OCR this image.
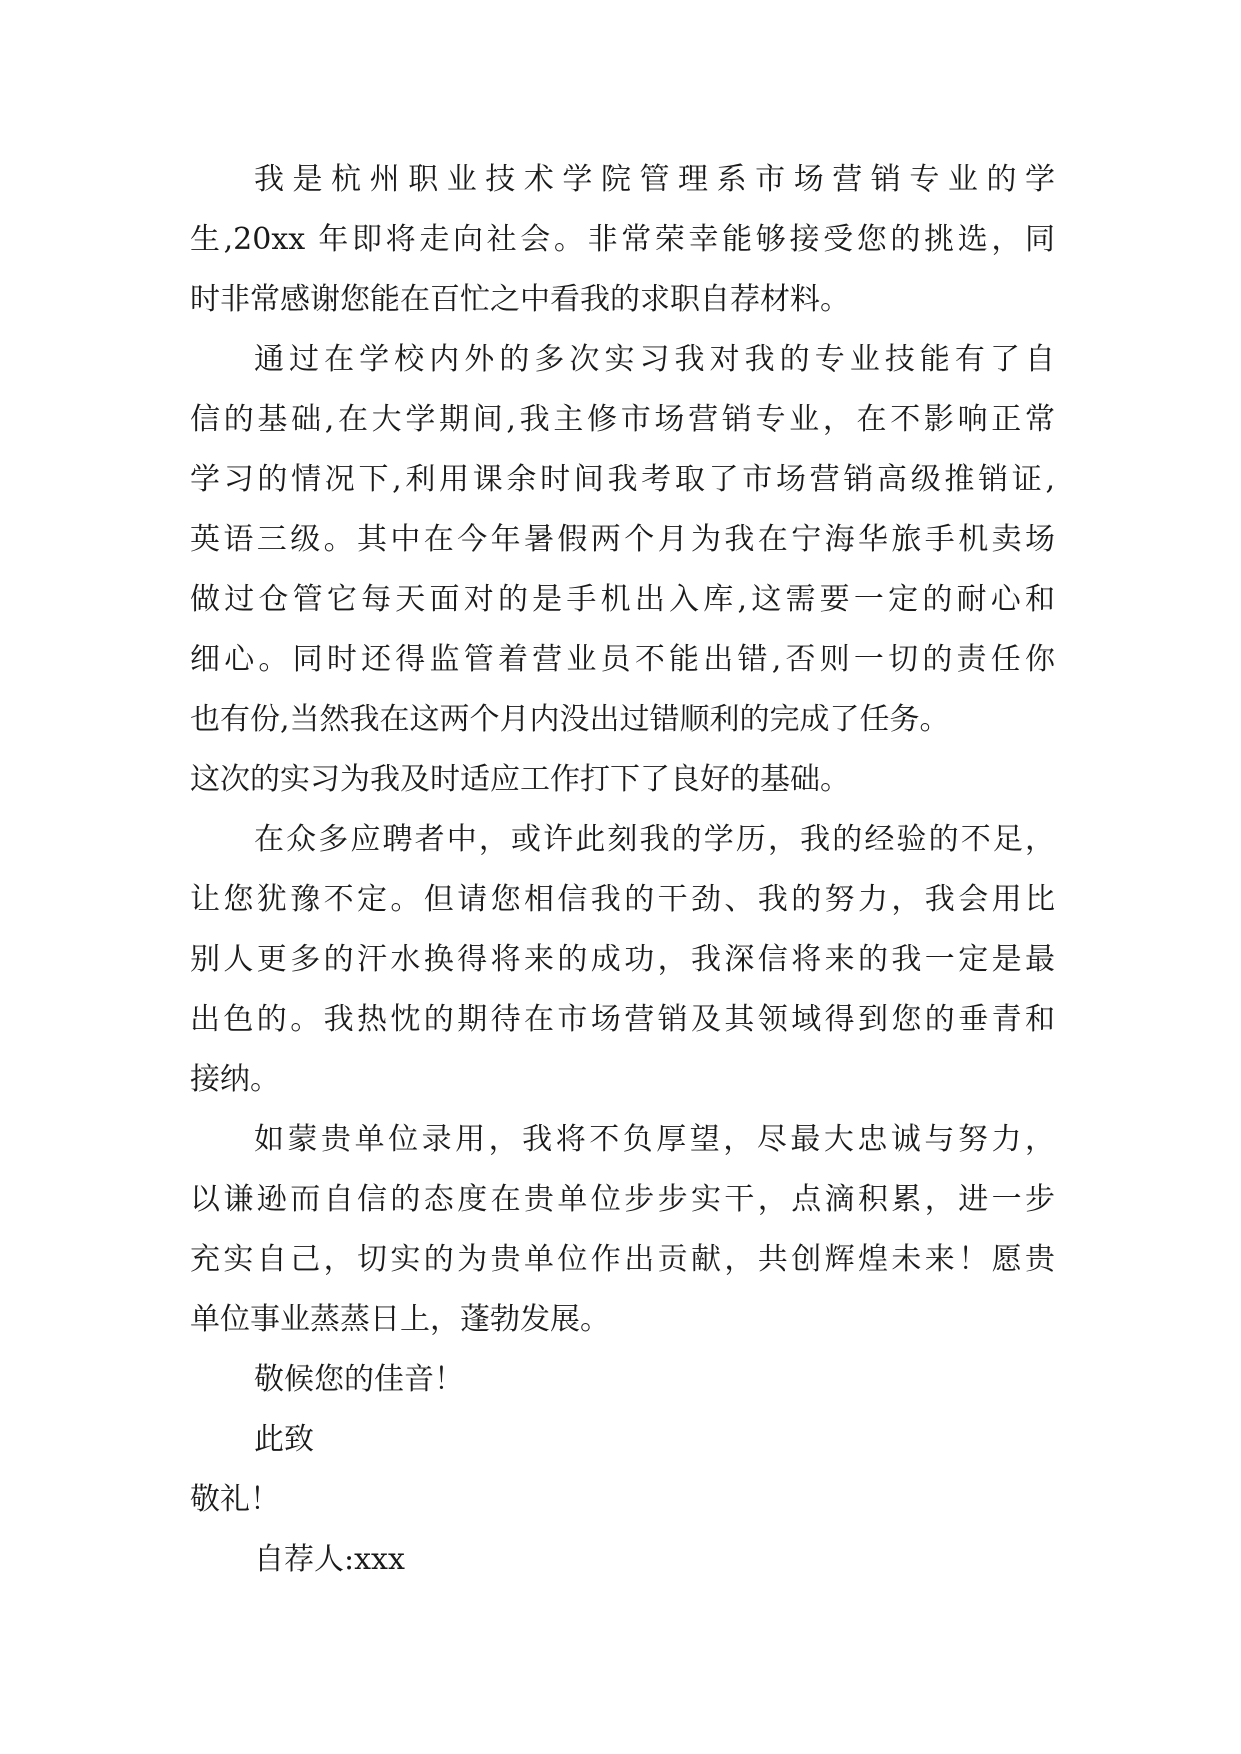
我是杭州职业技术学院管理系市场营销专业的学
生,20xx 年即将走向社会。非常荣幸能够接受您的挑选，同
时非常感谢您能在百忙之中看我的求职自荐材料。
通过在学校内外的多次实习我对我的专业技能有了自
信的基础,在大学期间,我主修市场营销专业，在不影响正常
学习的情况下,利用课余时间我考取了市场营销高级推销证,
英语三级。其中在今年暑假两个月为我在宁海华旅手机卖场
做过仓管它每天面对的是手机出入库,这需要一定的耐心和
细心。同时还得监管着营业员不能出错,否则一切的责任你
也有份,当然我在这两个月内没出过错顺利的完成了任务。
这次的实习为我及时适应工作打下了良好的基础。
在众多应聘者中，或许此刻我的学历，我的经验的不足，
让您犹豫不定。但请您相信我的干劲、我的努力，我会用比
别人更多的汗水换得将来的成功，我深信将来的我一定是最
出色的。我热忱的期待在市场营销及其领域得到您的垂青和
接纳。
如蒙贵单位录用，我将不负厚望，尽最大忠诚与努力，
以谦逊而自信的态度在贵单位步步实干，点滴积累，进一步
充实自己，切实的为贵单位作出贡献，共创辉煌未来！愿贵
单位事业蒸蒸日上，蓬勃发展。
敬候您的佳音！
此致
敬礼！
自荐人:xxx
